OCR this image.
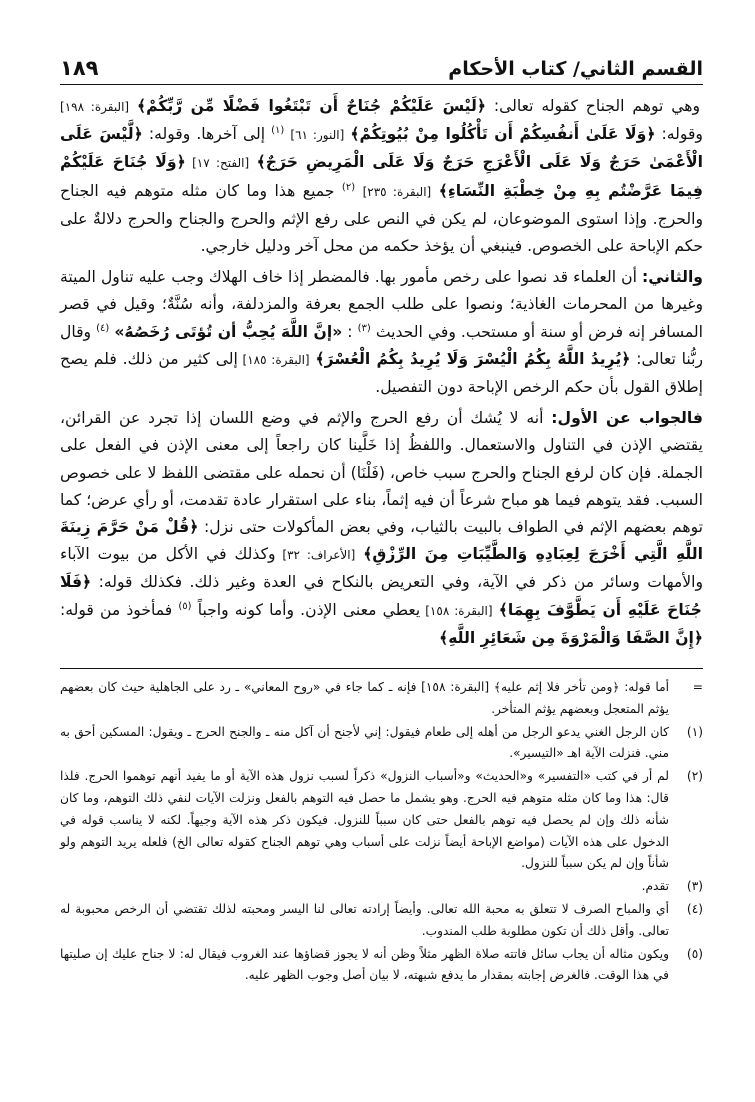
القسم الثاني/ كتاب الأحكام
١٨٩

وهي توهم الجناح كقوله تعالى: ﴿لَيْسَ عَلَيْكُمْ جُنَاحٌ أَن تَبْتَغُوا فَضْلًا مِّن رَّبِّكُمْ﴾ [البقرة: ١٩٨] وقوله: ﴿وَلَا عَلَىٰ أَنفُسِكُمْ أَن تَأْكُلُوا مِنْ بُيُوتِكُمْ﴾ [النور: ٦١] $^{(١)}$ إلى آخرها. وقوله: ﴿لَّيْسَ عَلَى الْأَعْمَىٰ حَرَجٌ وَلَا عَلَى الْأَعْرَجِ حَرَجٌ وَلَا عَلَى الْمَرِيضِ حَرَجٌ﴾ [الفتح: ١٧] ﴿وَلَا جُنَاحَ عَلَيْكُمْ فِيمَا عَرَّضْتُم بِهِ مِنْ خِطْبَةِ النِّسَاءِ﴾ [البقرة: ٢٣٥] $^{(٢)}$ جميع هذا وما كان مثله متوهم فيه الجناح والحرج. وإذا استوى الموضوعان، لم يكن في النص على رفع الإثم والحرج والجناح والحرج دلالةٌ على حكم الإباحة على الخصوص. فينبغي أن يؤخذ حكمه من محل آخر ودليل خارجي.

والثاني: أن العلماء قد نصوا على رخص مأمور بها. فالمضطر إذا خاف الهلاك وجب عليه تناول الميتة وغيرها من المحرمات الغاذية؛ ونصوا على طلب الجمع بعرفة والمزدلفة، وأنه سُنَّةٌ؛ وقيل في قصر المسافر إنه فرض أو سنة أو مستحب. وفي الحديث $^{(٣)}$ : «إنَّ اللَّهَ يُحِبُّ أن تُؤتَى رُخَصُهُ» $^{(٤)}$ وقال ربُّنا تعالى: ﴿يُرِيدُ اللَّهُ بِكُمُ الْيُسْرَ وَلَا يُرِيدُ بِكُمُ الْعُسْرَ﴾ [البقرة: ١٨٥] إلى كثير من ذلك. فلم يصح إطلاق القول بأن حكم الرخص الإباحة دون التفصيل.

فالجواب عن الأول: أنه لا يُشك أن رفع الحرج والإثم في وضع اللسان إذا تجرد عن القرائن، يقتضي الإذن في التناول والاستعمال. واللفظُ إذا خَلَّينا كان راجعاً إلى معنى الإذن في الفعل على الجملة. فإن كان لرفع الجناح والحرج سبب خاص، (فَلْنَا) أن نحمله على مقتضى اللفظ لا على خصوص السبب. فقد يتوهم فيما هو مباح شرعاً أن فيه إثماً، بناء على استقرار عادة تقدمت، أو رأي عرض؛ كما توهم بعضهم الإثم في الطواف بالبيت بالثياب، وفي بعض المأكولات حتى نزل: ﴿قُلْ مَنْ حَرَّمَ زِينَةَ اللَّهِ الَّتِي أَخْرَجَ لِعِبَادِهِ وَالطَّيِّبَاتِ مِنَ الرِّزْقِ﴾ [الأعراف: ٣٢] وكذلك في الأكل من بيوت الآباء والأمهات وسائر من ذكر في الآية، وفي التعريض بالنكاح في العدة وغير ذلك. فكذلك قوله: ﴿فَلَا جُنَاحَ عَلَيْهِ أَن يَطَّوَّفَ بِهِمَا﴾ [البقرة: ١٥٨] يعطي معنى الإذن. وأما كونه واجباً $^{(٥)}$ فمأخوذ من قوله: ﴿إِنَّ الصَّفَا وَالْمَرْوَةَ مِن شَعَائِرِ اللَّهِ﴾

=
أما قوله: ﴿ومن تأخر فلا إثم عليه﴾ [البقرة: ١٥٨] فإنه ـ كما جاء في «روح المعاني» ـ رد على الجاهلية حيث كان بعضهم يؤثم المتعجل وبعضهم يؤثم المتأخر.
(١)
كان الرجل الغني يدعو الرجل من أهله إلى طعام فيقول: إني لأجنح أن آكل منه ـ والجنح الحرج ـ ويقول: المسكين أحق به مني. فنزلت الآية اهـ «التيسير».
(٢)
لم أر في كتب «التفسير» و«الحديث» و«أسباب النزول» ذكراً لسبب نزول هذه الآية أو ما يفيد أنهم توهموا الحرج. فلذا قال: هذا وما كان مثله متوهم فيه الحرج. وهو يشمل ما حصل فيه التوهم بالفعل ونزلت الآيات لنفي ذلك التوهم، وما كان شأنه ذلك وإن لم يحصل فيه توهم بالفعل حتى كان سبباً للنزول. فيكون ذكر هذه الآية وجيهاً. لكنه لا يناسب قوله في الدخول على هذه الآيات (مواضع الإباحة أيضاً نزلت على أسباب وهي توهم الجناح كقوله تعالى الخ) فلعله يريد التوهم ولو شأناً وإن لم يكن سبباً للنزول.
(٣)
تقدم.
(٤)
أي والمباح الصرف لا تتعلق به محبة الله تعالى. وأيضاً إرادته تعالى لنا اليسر ومحبته لذلك تقتضي أن الرخص محبوبة له تعالى. وأقل ذلك أن تكون مطلوبة طلب المندوب.
(٥)
ويكون مثاله أن يجاب سائل فاتته صلاة الظهر مثلاً وظن أنه لا يجوز قضاؤها عند الغروب فيقال له: لا جناح عليك إن صليتها في هذا الوقت. فالغرض إجابته بمقدار ما يدفع شبهته، لا بيان أصل وجوب الظهر عليه.
